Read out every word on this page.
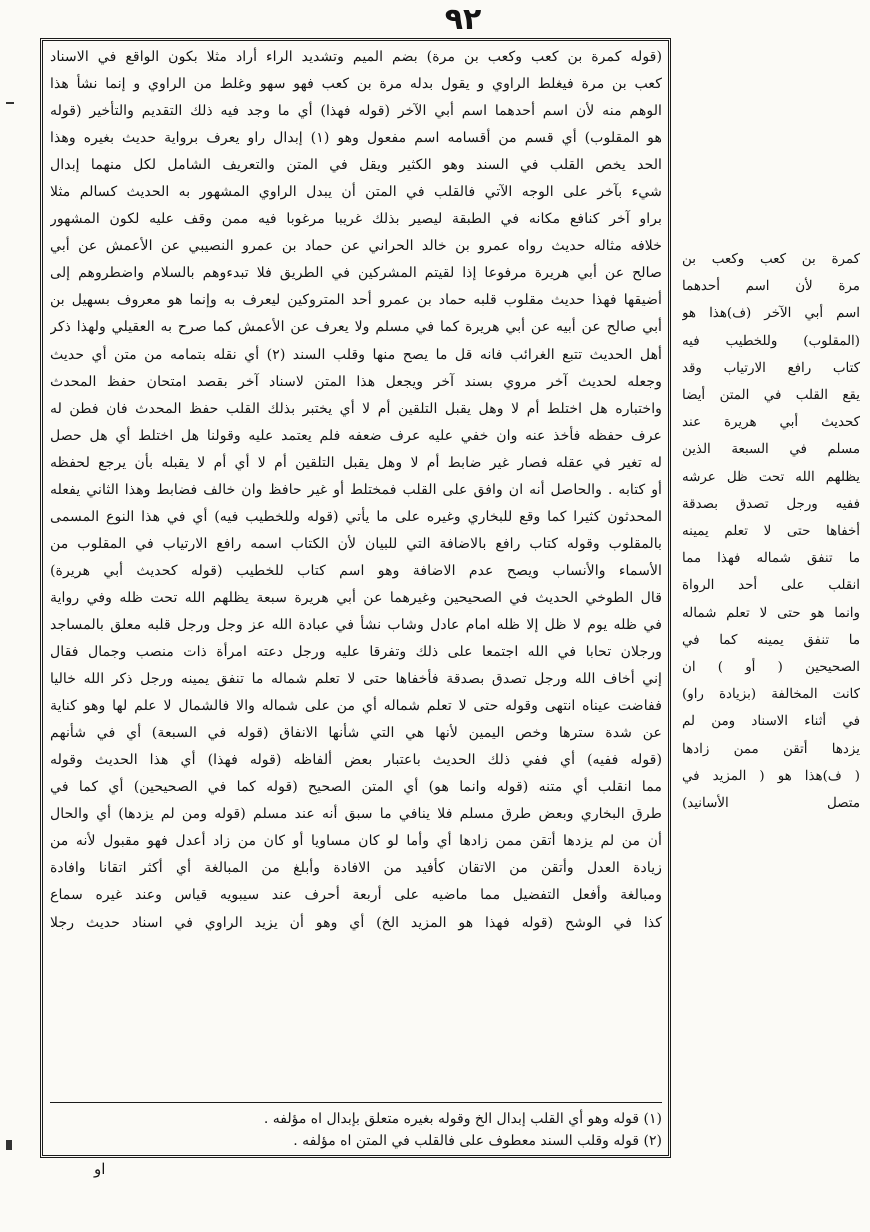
٩٢
(قوله كمرة بن كعب وكعب بن مرة) بضم الميم وتشديد الراء أراد مثلا بكون الواقع في الاسناد
كعب بن مرة فيغلط الراوي و يقول بدله مرة بن كعب فهو سهو وغلط من الراوي و إنما نشأ هذا
الوهم منه لأن اسم أحدهما اسم أبي الآخر (قوله فهذا) أي ما وجد فيه ذلك التقديم والتأخير (قوله
هو المقلوب) أي قسم من أقسامه اسم مفعول وهو (١) إبدال راو يعرف برواية حديث بغيره وهذا
الحد يخص القلب في السند وهو الكثير ويقل في المتن والتعريف الشامل لكل منهما إبدال
شيء بآخر على الوجه الآتي فالقلب في المتن أن يبدل الراوي المشهور به الحديث كسالم مثلا
براو آخر كنافع مكانه في الطبقة ليصير بذلك غريبا مرغوبا فيه ممن وقف عليه لكون المشهور
خلافه مثاله حديث رواه عمرو بن خالد الحراني عن حماد بن عمرو النصيبي عن الأعمش عن أبي
صالح عن أبي هريرة مرفوعا إذا لقيتم المشركين في الطريق فلا تبدءوهم بالسلام واضطروهم إلى
أضيقها فهذا حديث مقلوب قلبه حماد بن عمرو أحد المتروكين ليعرف به وإنما هو معروف بسهيل بن
أبي صالح عن أبيه عن أبي هريرة كما في مسلم ولا يعرف عن الأعمش كما صرح به العقيلي ولهذا ذكر
أهل الحديث تتبع الغرائب فانه قل ما يصح منها وقلب السند (٢) أي نقله بتمامه من متن أي حديث
وجعله لحديث آخر مروي بسند آخر ويجعل هذا المتن لاسناد آخر بقصد امتحان حفظ المحدث
واختباره هل اختلط أم لا وهل يقبل التلقين أم لا أي يختبر بذلك القلب حفظ المحدث فان فطن له
عرف حفظه فأخذ عنه وان خفي عليه عرف ضعفه فلم يعتمد عليه وقولنا هل اختلط أي هل حصل
له تغير في عقله فصار غير ضابط أم لا وهل يقبل التلقين أم لا أي أم لا يقبله بأن يرجع لحفظه
أو كتابه . والحاصل أنه ان وافق على القلب فمختلط أو غير حافظ وان خالف فضابط وهذا الثاني يفعله
المحدثون كثيرا كما وقع للبخاري وغيره على ما يأتي (قوله وللخطيب فيه) أي في هذا النوع المسمى
بالمقلوب وقوله كتاب رافع بالاضافة التي للبيان لأن الكتاب اسمه رافع الارتياب في المقلوب من
الأسماء والأنساب ويصح عدم الاضافة وهو اسم كتاب للخطيب (قوله كحديث أبي هريرة)
قال الطوخي الحديث في الصحيحين وغيرهما عن أبي هريرة سبعة يظلهم الله تحت ظله وفي رواية
في ظله يوم لا ظل إلا ظله امام عادل وشاب نشأ في عبادة الله عز وجل ورجل قلبه معلق بالمساجد
ورجلان تحابا في الله اجتمعا على ذلك وتفرقا عليه ورجل دعته امرأة ذات منصب وجمال فقال
إني أخاف الله ورجل تصدق بصدقة فأخفاها حتى لا تعلم شماله ما تنفق يمينه ورجل ذكر الله خاليا
ففاضت عيناه انتهى وقوله حتى لا تعلم شماله أي من على شماله والا فالشمال لا علم لها وهو كناية
عن شدة سترها وخص اليمين لأنها هي التي شأنها الانفاق (قوله في السبعة) أي في شأنهم
(قوله ففيه) أي ففي ذلك الحديث باعتبار بعض ألفاظه (قوله فهذا) أي هذا الحديث وقوله
مما انقلب أي متنه (قوله وانما هو) أي المتن الصحيح (قوله كما في الصحيحين) أي كما في
طرق البخاري وبعض طرق مسلم فلا ينافي ما سبق أنه عند مسلم (قوله ومن لم يزدها) أي والحال
أن من لم يزدها أتقن ممن زادها أي وأما لو كان مساويا أو كان من زاد أعدل فهو مقبول لأنه من
زيادة العدل وأتقن من الاتقان كأفيد من الافادة وأبلغ من المبالغة أي أكثر اتقانا وافادة
ومبالغة وأفعل التفضيل مما ماضيه على أربعة أحرف عند سيبويه قياس وعند غيره سماع
كذا في الوشح (قوله فهذا هو المزيد الخ) أي وهو أن يزيد الراوي في اسناد حديث رجلا
(١) قوله وهو أي القلب إبدال الخ وقوله بغيره متعلق بإبدال اه مؤلفه .
(٢) قوله وقلب السند معطوف على فالقلب في المتن اه مؤلفه .
كمرة بن كعب وكعب بن
مرة لأن اسم أحدهما
اسم أبي الآخر (ف)هذا هو
(المقلوب) وللخطيب فيه
كتاب رافع الارتياب وقد
يقع القلب في المتن أيضا
كحديث أبي هريرة عند
مسلم في السبعة الذين
يظلهم الله تحت ظل عرشه
ففيه ورجل تصدق بصدقة
أخفاها حتى لا تعلم يمينه
ما تنفق شماله فهذا مما
انقلب على أحد الرواة
وانما هو حتى لا تعلم شماله
ما تنفق يمينه كما في
الصحيحين ( أو ) ان
كانت المخالفة (بزيادة راو)
في أثناء الاسناد ومن لم
يزدها أتقن ممن زادها
( ف)هذا هو ( المزيد في
متصل الأسانيد)
او
